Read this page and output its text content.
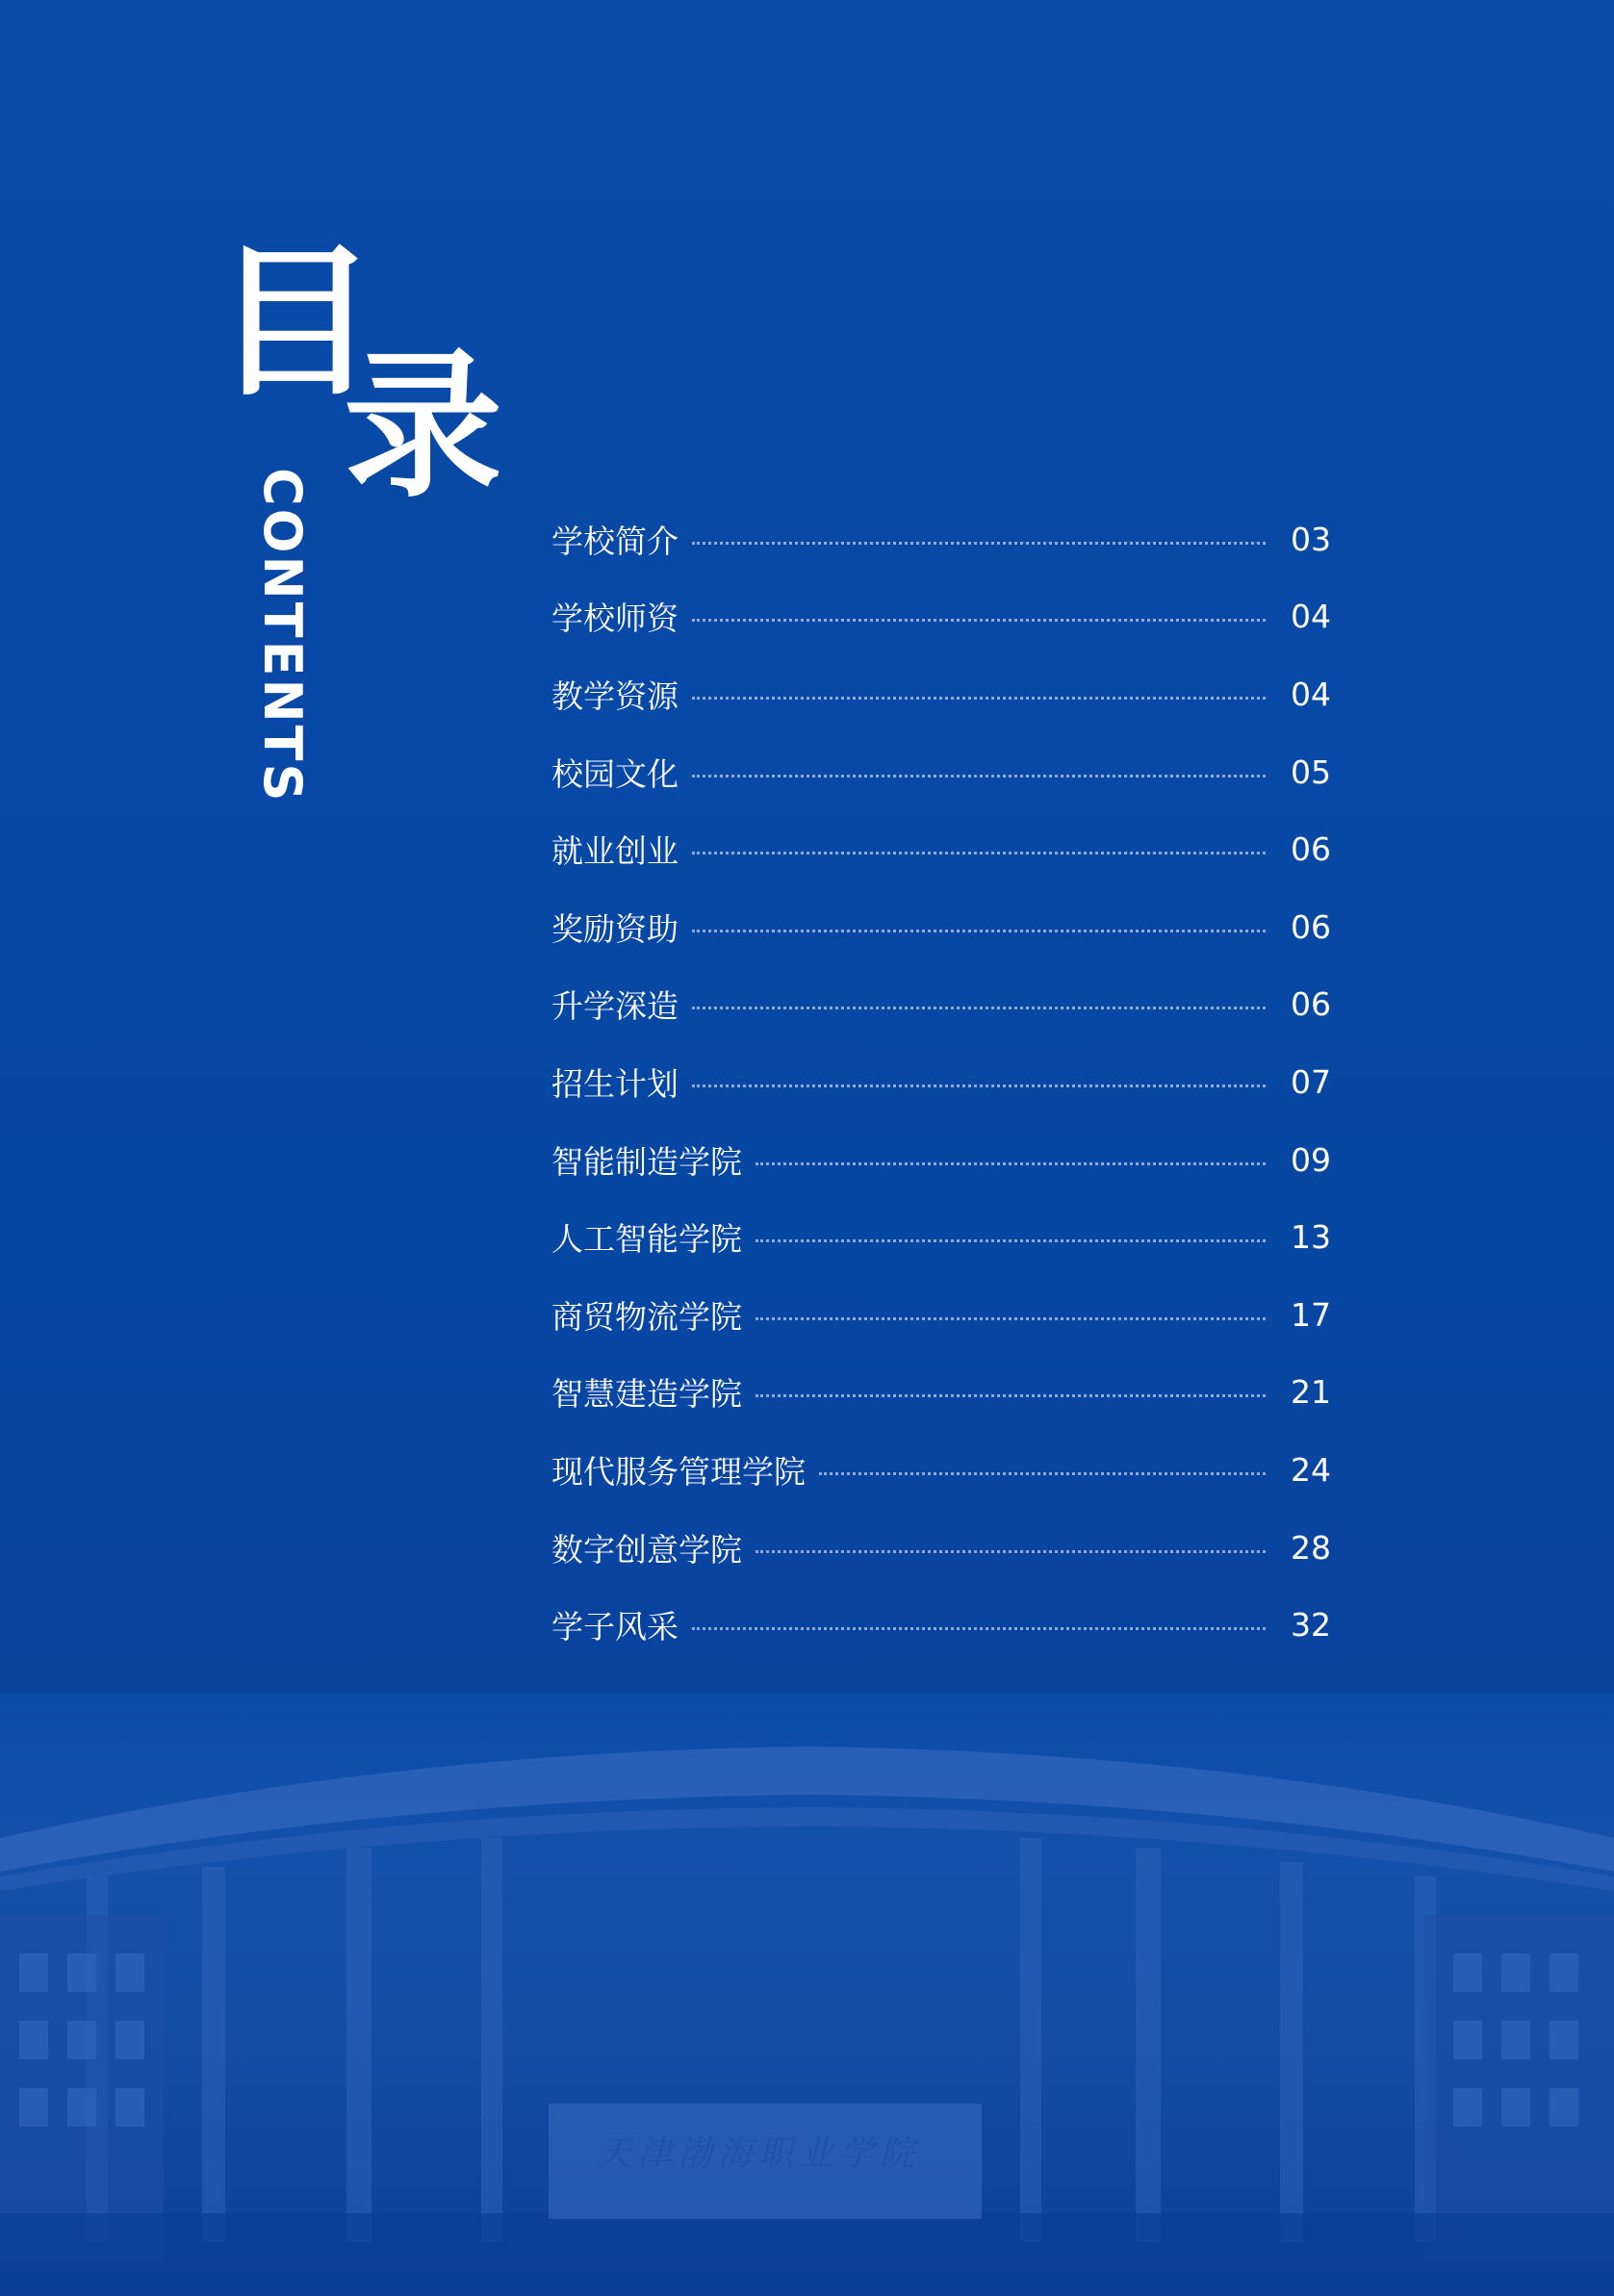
天津渤海职业学院
目
录
CONTENTS	学校简介	03
学校师资	04
教学资源	04
校园文化	05
就业创业	06
奖励资助	06
升学深造	06
招生计划	07
智能制造学院	09
人工智能学院	13
商贸物流学院	17
智慧建造学院	21
现代服务管理学院	24
数字创意学院	28
学子风采	32
